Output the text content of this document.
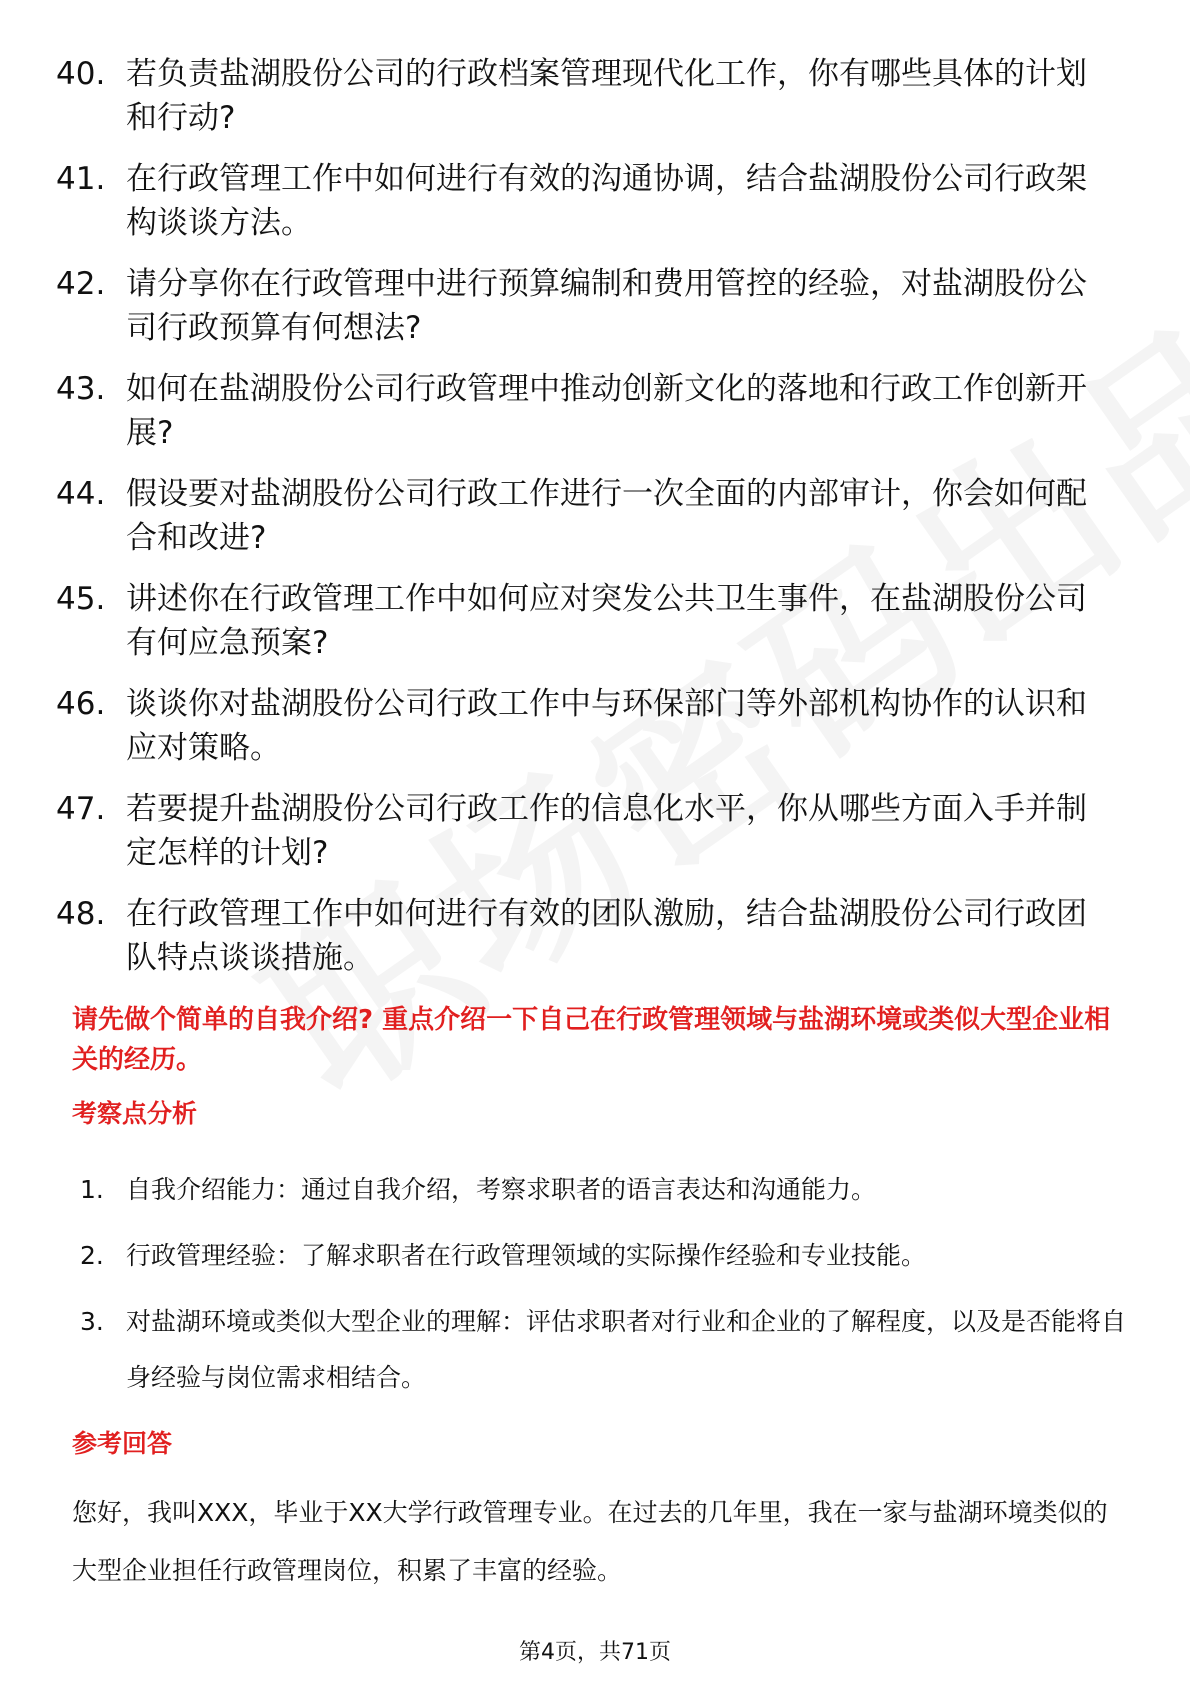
40. 若负责盐湖股份公司的行政档案管理现代化工作，你有哪些具体的计划和行动?
41. 在行政管理工作中如何进行有效的沟通协调，结合盐湖股份公司行政架构谈谈方法。
42. 请分享你在行政管理中进行预算编制和费用管控的经验，对盐湖股份公司行政预算有何想法?
43. 如何在盐湖股份公司行政管理中推动创新文化的落地和行政工作创新开展?
44. 假设要对盐湖股份公司行政工作进行一次全面的内部审计，你会如何配合和改进?
45. 讲述你在行政管理工作中如何应对突发公共卫生事件，在盐湖股份公司有何应急预案?
46. 谈谈你对盐湖股份公司行政工作中与环保部门等外部机构协作的认识和应对策略。
47. 若要提升盐湖股份公司行政工作的信息化水平，你从哪些方面入手并制定怎样的计划?
48. 在行政管理工作中如何进行有效的团队激励，结合盐湖股份公司行政团队特点谈谈措施。
请先做个简单的自我介绍? 重点介绍一下自己在行政管理领域与盐湖环境或类似大型企业相关的经历。
考察点分析
1. 自我介绍能力：通过自我介绍，考察求职者的语言表达和沟通能力。
2. 行政管理经验：了解求职者在行政管理领域的实际操作经验和专业技能。
3. 对盐湖环境或类似大型企业的理解：评估求职者对行业和企业的了解程度，以及是否能将自身经验与岗位需求相结合。
参考回答

您好，我叫XXX，毕业于XX大学行政管理专业。在过去的几年里，我在一家与盐湖环境类似的大型企业担任行政管理岗位，积累了丰富的经验。

第4页，共71页
